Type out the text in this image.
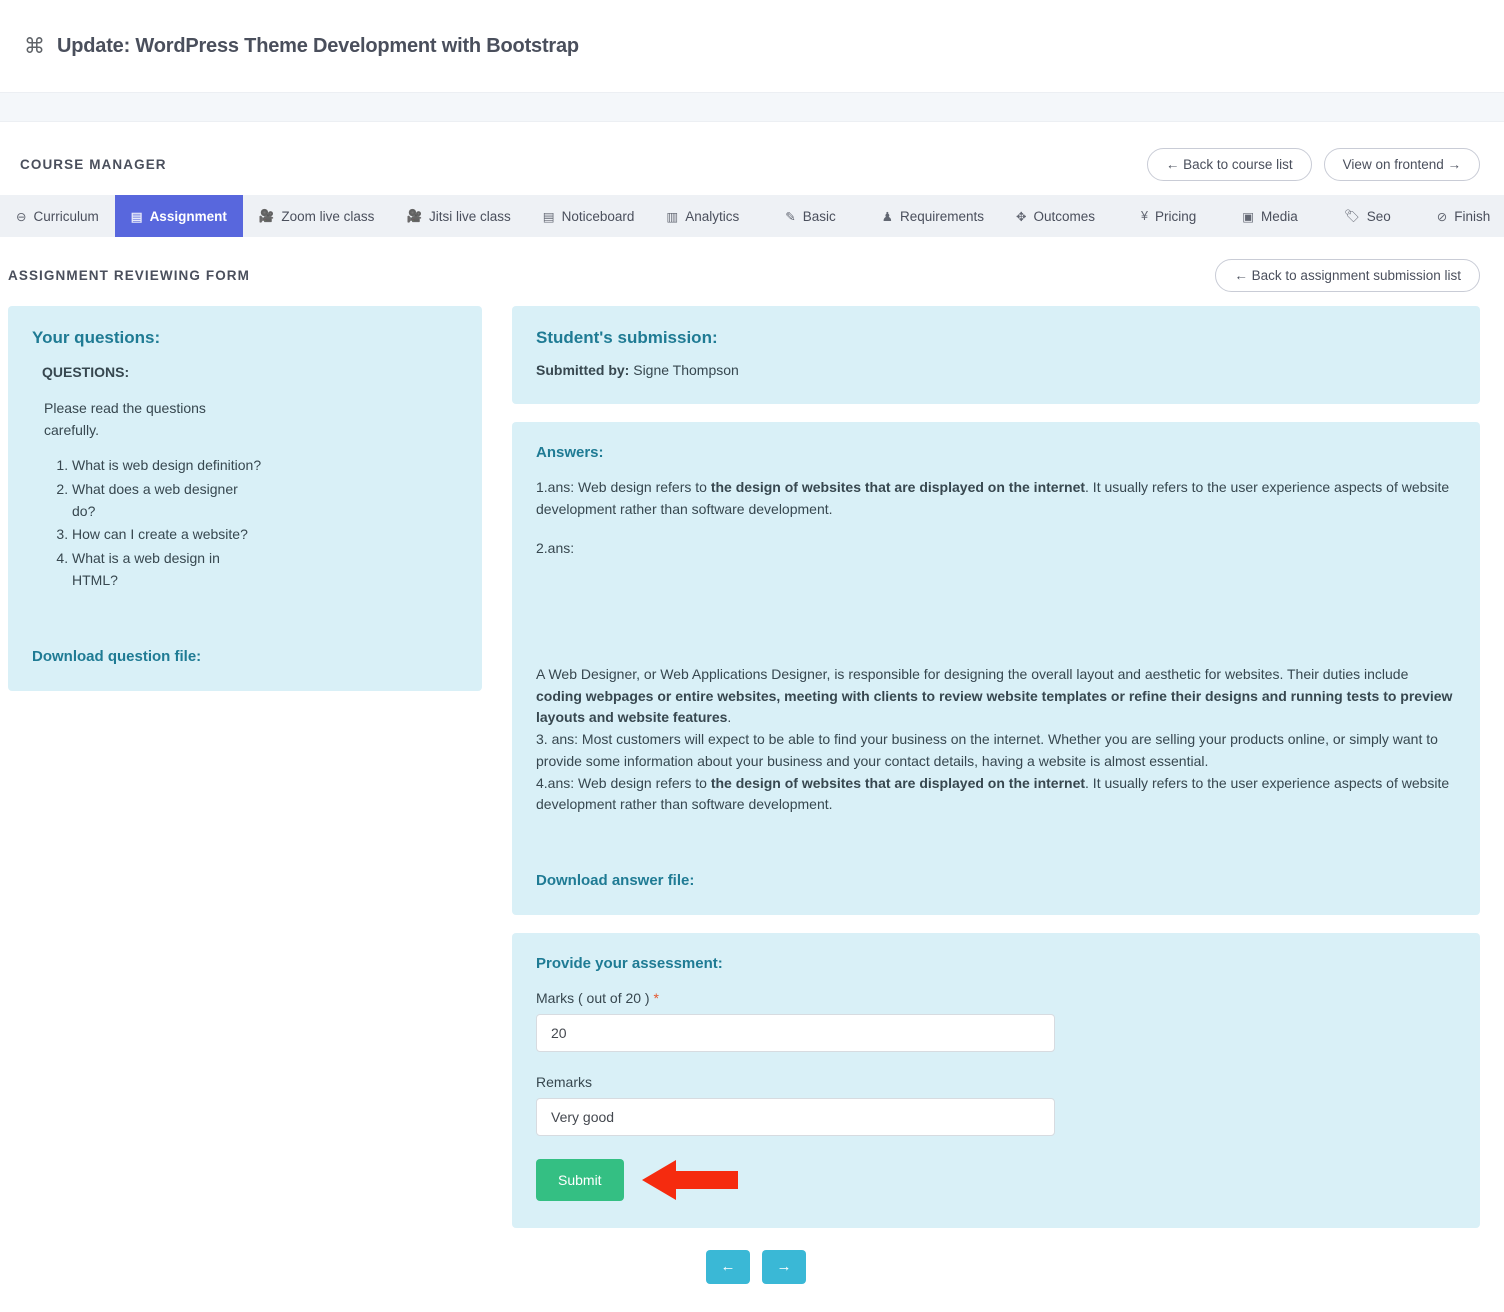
⌘ Update: WordPress Theme Development with Bootstrap
COURSE MANAGER	← Back to course list	View on frontend →
⊖ Curriculum	▤ Assignment	🎥 Zoom live class	🎥 Jitsi live class	▤ Noticeboard	▥ Analytics	✎ Basic	♟ Requirements	✥ Outcomes	¥ Pricing	▣ Media	🏷 Seo	⊘ Finish
ASSIGNMENT REVIEWING FORM	← Back to assignment submission list
Your questions:
QUESTIONS:

Please read the questions carefully.

1. What is web design definition?
2. What does a web designer do?
3. How can I create a website?
4. What is a web design in HTML?
Download question file:
Student's submission:
Submitted by: Signe Thompson
Answers:

1.ans: Web design refers to the design of websites that are displayed on the internet. It usually refers to the user experience aspects of website development rather than software development.

2.ans:

A Web Designer, or Web Applications Designer, is responsible for designing the overall layout and aesthetic for websites. Their duties include coding webpages or entire websites, meeting with clients to review website templates or refine their designs and running tests to preview layouts and website features.

3. ans: Most customers will expect to be able to find your business on the internet. Whether you are selling your products online, or simply want to provide some information about your business and your contact details, having a website is almost essential.

4.ans: Web design refers to the design of websites that are displayed on the internet. It usually refers to the user experience aspects of website development rather than software development.

Download answer file:
Provide your assessment:
Marks ( out of 20 ) *
20
Remarks
Very good
Submit
←	→
